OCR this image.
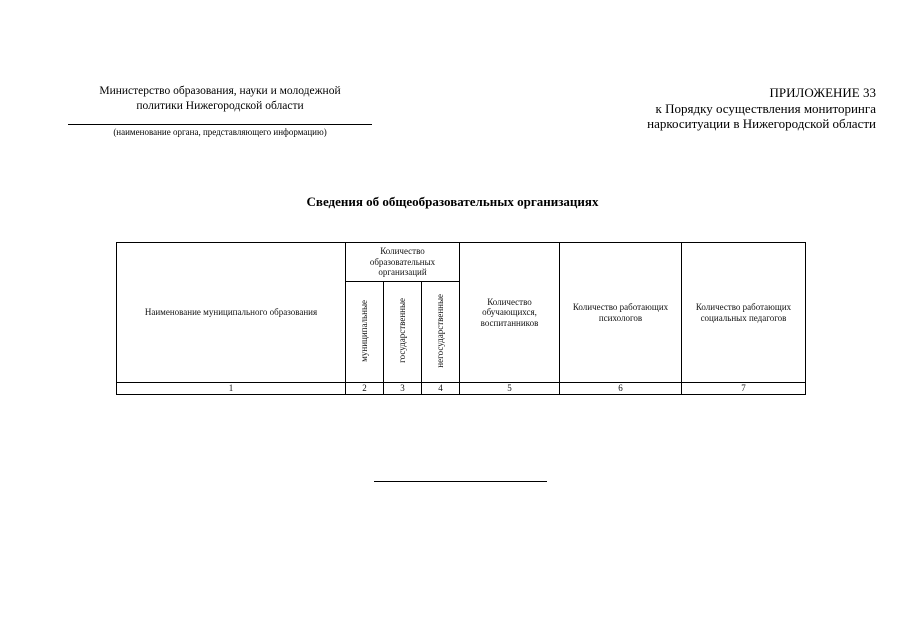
Министерство образования, науки и молодежной
политики Нижегородской области
(наименование органа, представляющего информацию)
ПРИЛОЖЕНИЕ 33
к Порядку осуществления мониторинга
наркоситуации в Нижегородской области
Сведения об общеобразовательных организациях
Наименование муниципального образования	Количество образовательных организаций			Количество обучающихся, воспитанников	Количество работающих психологов	Количество работающих социальных педагогов
	муниципальные	государственные	негосударственные			
1	2	3	4	5	6	7
